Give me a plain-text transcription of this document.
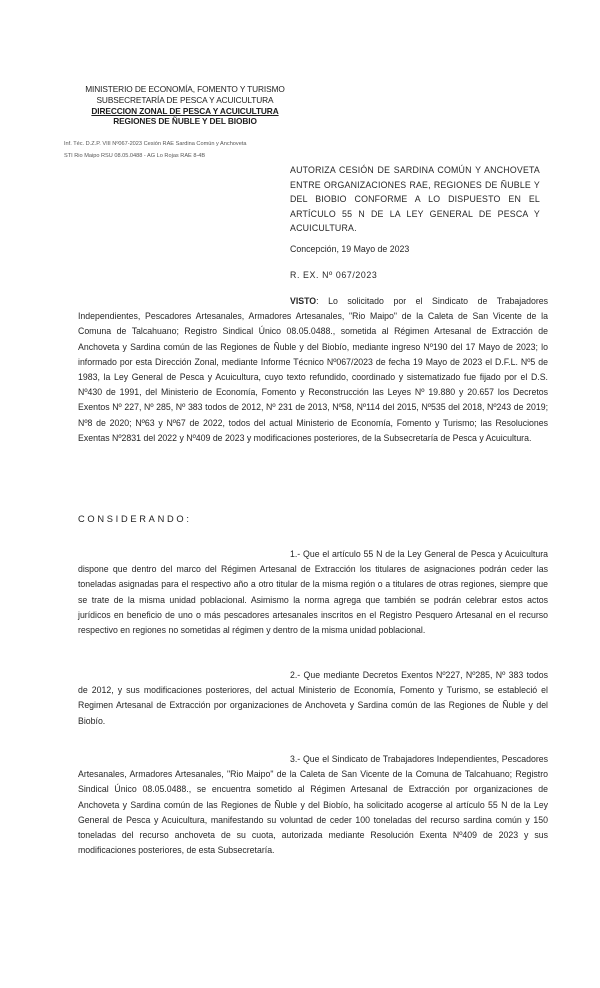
MINISTERIO DE ECONOMÍA, FOMENTO Y TURISMO
SUBSECRETARÍA DE PESCA Y ACUICULTURA
DIRECCION ZONAL DE PESCA Y ACUICULTURA
REGIONES DE ÑUBLE Y DEL BIOBIO
Inf. Téc. D.Z.P. VIII Nº067-2023 Cesión RAE Sardina Común y Anchoveta
STI Rio Maipo RSU 08.05.0488 - AG Lo Rojas RAE 8-4B
AUTORIZA CESIÓN DE SARDINA COMÚN Y ANCHOVETA ENTRE ORGANIZACIONES RAE, REGIONES DE ÑUBLE Y DEL BIOBIO CONFORME A LO DISPUESTO EN EL ARTÍCULO 55 N DE LA LEY GENERAL DE PESCA Y ACUICULTURA.
Concepción, 19 Mayo de 2023
R. EX. Nº 067/2023
VISTO: Lo solicitado por el Sindicato de Trabajadores Independientes, Pescadores Artesanales, Armadores Artesanales, "Rio Maipo" de la Caleta de San Vicente de la Comuna de Talcahuano; Registro Sindical Único 08.05.0488., sometida al Régimen Artesanal de Extracción de Anchoveta y Sardina común de las Regiones de Ñuble y del Biobío, mediante ingreso Nº190 del 17 Mayo de 2023; lo informado por esta Dirección Zonal, mediante Informe Técnico Nº067/2023 de fecha 19 Mayo de 2023 el D.F.L. Nº5 de 1983, la Ley General de Pesca y Acuicultura, cuyo texto refundido, coordinado y sistematizado fue fijado por el D.S. Nº430 de 1991, del Ministerio de Economía, Fomento y Reconstrucción las Leyes Nº 19.880 y 20.657 los Decretos Exentos Nº 227, Nº 285, Nº 383 todos de 2012, Nº 231 de 2013, Nº58, Nº114 del 2015, Nº535 del 2018, Nº243 de 2019; Nº8 de 2020; Nº63 y Nº67 de 2022, todos del actual Ministerio de Economía, Fomento y Turismo; las Resoluciones Exentas Nº2831 del 2022 y Nº409 de 2023 y modificaciones posteriores, de la Subsecretaría de Pesca y Acuicultura.
CONSIDERANDO:
1.- Que el artículo 55 N de la Ley General de Pesca y Acuicultura dispone que dentro del marco del Régimen Artesanal de Extracción los titulares de asignaciones podrán ceder las toneladas asignadas para el respectivo año a otro titular de la misma región o a titulares de otras regiones, siempre que se trate de la misma unidad poblacional. Asimismo la norma agrega que también se podrán celebrar estos actos jurídicos en beneficio de uno o más pescadores artesanales inscritos en el Registro Pesquero Artesanal en el recurso respectivo en regiones no sometidas al régimen y dentro de la misma unidad poblacional.
2.- Que mediante Decretos Exentos Nº227, Nº285, Nº 383 todos de 2012, y sus modificaciones posteriores, del actual Ministerio de Economía, Fomento y Turismo, se estableció el Regimen Artesanal de Extracción por organizaciones de Anchoveta y Sardina común de las Regiones de Ñuble y del Biobío.
3.- Que el Sindicato de Trabajadores Independientes, Pescadores Artesanales, Armadores Artesanales, "Rio Maipo" de la Caleta de San Vicente de la Comuna de Talcahuano; Registro Sindical Único 08.05.0488., se encuentra sometido al Régimen Artesanal de Extracción por organizaciones de Anchoveta y Sardina común de las Regiones de Ñuble y del Biobío, ha solicitado acogerse al artículo 55 N de la Ley General de Pesca y Acuicultura, manifestando su voluntad de ceder 100 toneladas del recurso sardina común y 150 toneladas del recurso anchoveta de su cuota, autorizada mediante Resolución Exenta Nº409 de 2023 y sus modificaciones posteriores, de esta Subsecretaría.
